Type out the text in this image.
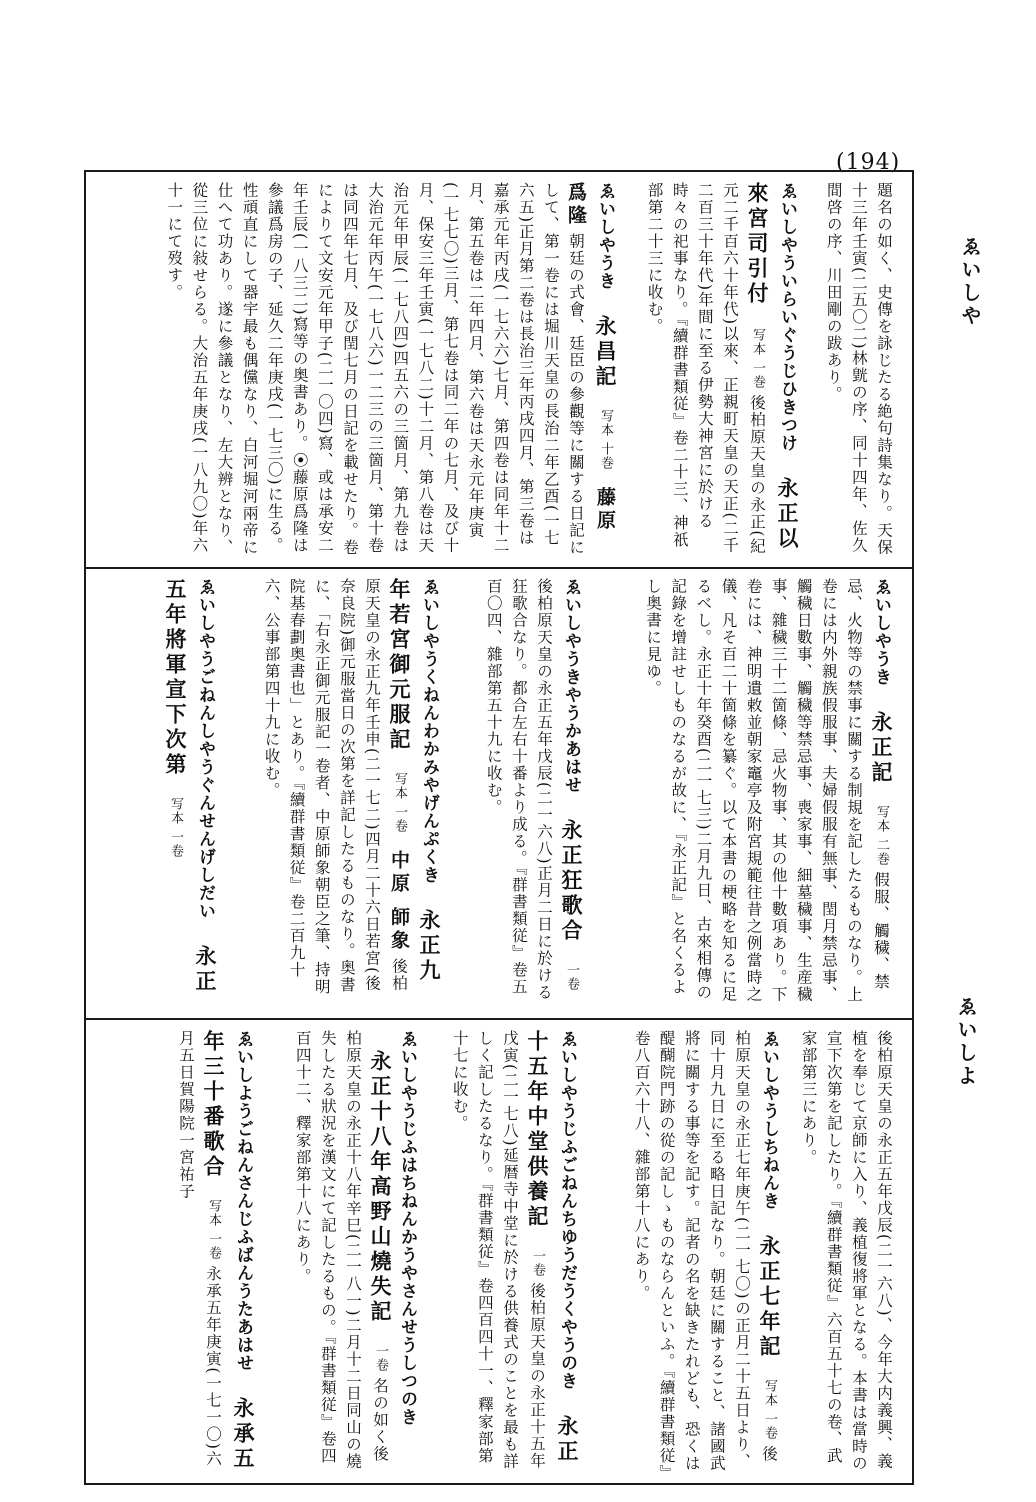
(194)
ゑいしや
ゑいしよ
題名の如く、史傳を詠じたる絶句詩集なり。天保十三年壬寅(二五〇二)林皝の序、同十四年、佐久間啓の序、川田剛の跋あり。
ゑいしやういらいぐうじひきつけ 永正以來宮司引付 写本 一巻 後柏原天皇の永正(紀元二千百六十年代)以來、正親町天皇の天正(二千二百三十年代)年間に至る伊勢大神宮に於ける時々の祀事なり。『續群書類従』卷二十三、神祇部第二十三に收む。
ゑいしやうき 永昌記 写本 十巻 藤原 爲隆 朝廷の式會、廷臣の參觀等に關する日記にして、第一卷には堀川天皇の長治二年乙酉(一七六五)正月第二卷は長治三年丙戌四月、第三卷は嘉承元年丙戌(一七六六)七月、第四卷は同年十二月、第五卷は二年四月、第六卷は天永元年庚寅(一七七〇)三月、第七卷は同二年の七月、及び十月、保安三年壬寅(一七八二)十二月、第八卷は天治元年甲辰(一七八四)四五六の三箇月、第九卷は大治元年丙午(一七八六)一二三の三箇月、第十卷は同四年七月、及び閏七月の日記を載せたり。卷によりて文安元年甲子(二一〇四)寫、或は承安二年壬辰(一八三二)寫等の奥書あり。⦿藤原爲隆は參議爲房の子、延久二年庚戌(一七三〇)に生る。性頑直にして器宇最も偶儻なり、白河堀河兩帝に仕へて功あり。遂に參議となり、左大辨となり、從三位に敍せらる。大治五年庚戌(一八九〇)年六十一にて歿す。
ゑいしやうき 永正記 写本 二巻 假服、觸穢、禁忌、火物等の禁事に關する制規を記したるものなり。上卷には内外親族假服事、夫婦假服有無事、閏月禁忌事、觸穢日數事、觸穢等禁忌事、喪家事、細墓穢事、生産穢事、雜穢三十二箇條、忌火物事、其の他十數項あり。下卷には、神明遺敕並朝家竈亭及附宮規範往昔之例當時之儀、凡そ百二十箇條を纂ぐ。以て本書の梗略を知るに足るべし。永正十年癸酉(二一七三)二月九日、古來相傳の記錄を增註せしものなるが故に、『永正記』と名くるよし奥書に見ゆ。
ゑいしやうきやうかあはせ 永正狂歌合 一卷 後柏原天皇の永正五年戊辰(二一六八)正月二日に於ける狂歌合なり。都合左右十番より成る。『群書類従』卷五百〇四、雜部第五十九に收む。
ゑいしやうくねんわかみやげんぷくき 永正九年若宮御元服記 写本 一卷 中原 師象 後柏原天皇の永正九年壬申(二一七二)四月二十六日若宮(後奈良院)御元服當日の次第を詳記したるものなり。奥書に、「右永正御元服記一卷者、中原師象朝臣之筆、持明院基春劃奥書也」とあり。『續群書類従』卷二百九十六、公事部第四十九に收む。
ゑいしやうごねんしやうぐんせんげしだい 永正五年將軍宣下次第 写本 一卷
後柏原天皇の永正五年戊辰(二一六八)、今年大内義興、義植を奉じて京師に入り、義植復將軍となる。本書は當時の宣下次第を記したり。『續群書類従』六百五十七の卷、武家部第三にあり。
ゑいしやうしちねんき 永正七年記 写本 一卷 後柏原天皇の永正七年庚午(二一七〇)の正月二十五日より、同十月九日に至る略日記なり。朝廷に關すること、諸國武將に關する事等を記す。記者の名を缺きたれども、恐くは醍醐院門跡の從の記しゝものならんといふ。『續群書類従』卷八百六十八、雜部第十八にあり。
ゑいしやうじふごねんちゆうだうくやうのき 永正十五年中堂供養記 一卷 後柏原天皇の永正十五年戊寅(二一七八)延暦寺中堂に於ける供養式のことを最も詳しく記したるなり。『群書類従』卷四百四十一、釋家部第十七に收む。
ゑいしやうじふはちねんかうやさんせうしつのき 永正十八年高野山燒失記 一卷 名の如く後柏原天皇の永正十八年辛巳(二一八一)二月十二日同山の燒失したる狀況を漢文にて記したるもの。『群書類従』卷四百四十二、釋家部第十八にあり。
ゑいしようごねんさんじふばんうたあはせ 永承五年三十番歌合 写本 一卷 永承五年庚寅(一七一〇)六月五日賀陽院一宮祐子
